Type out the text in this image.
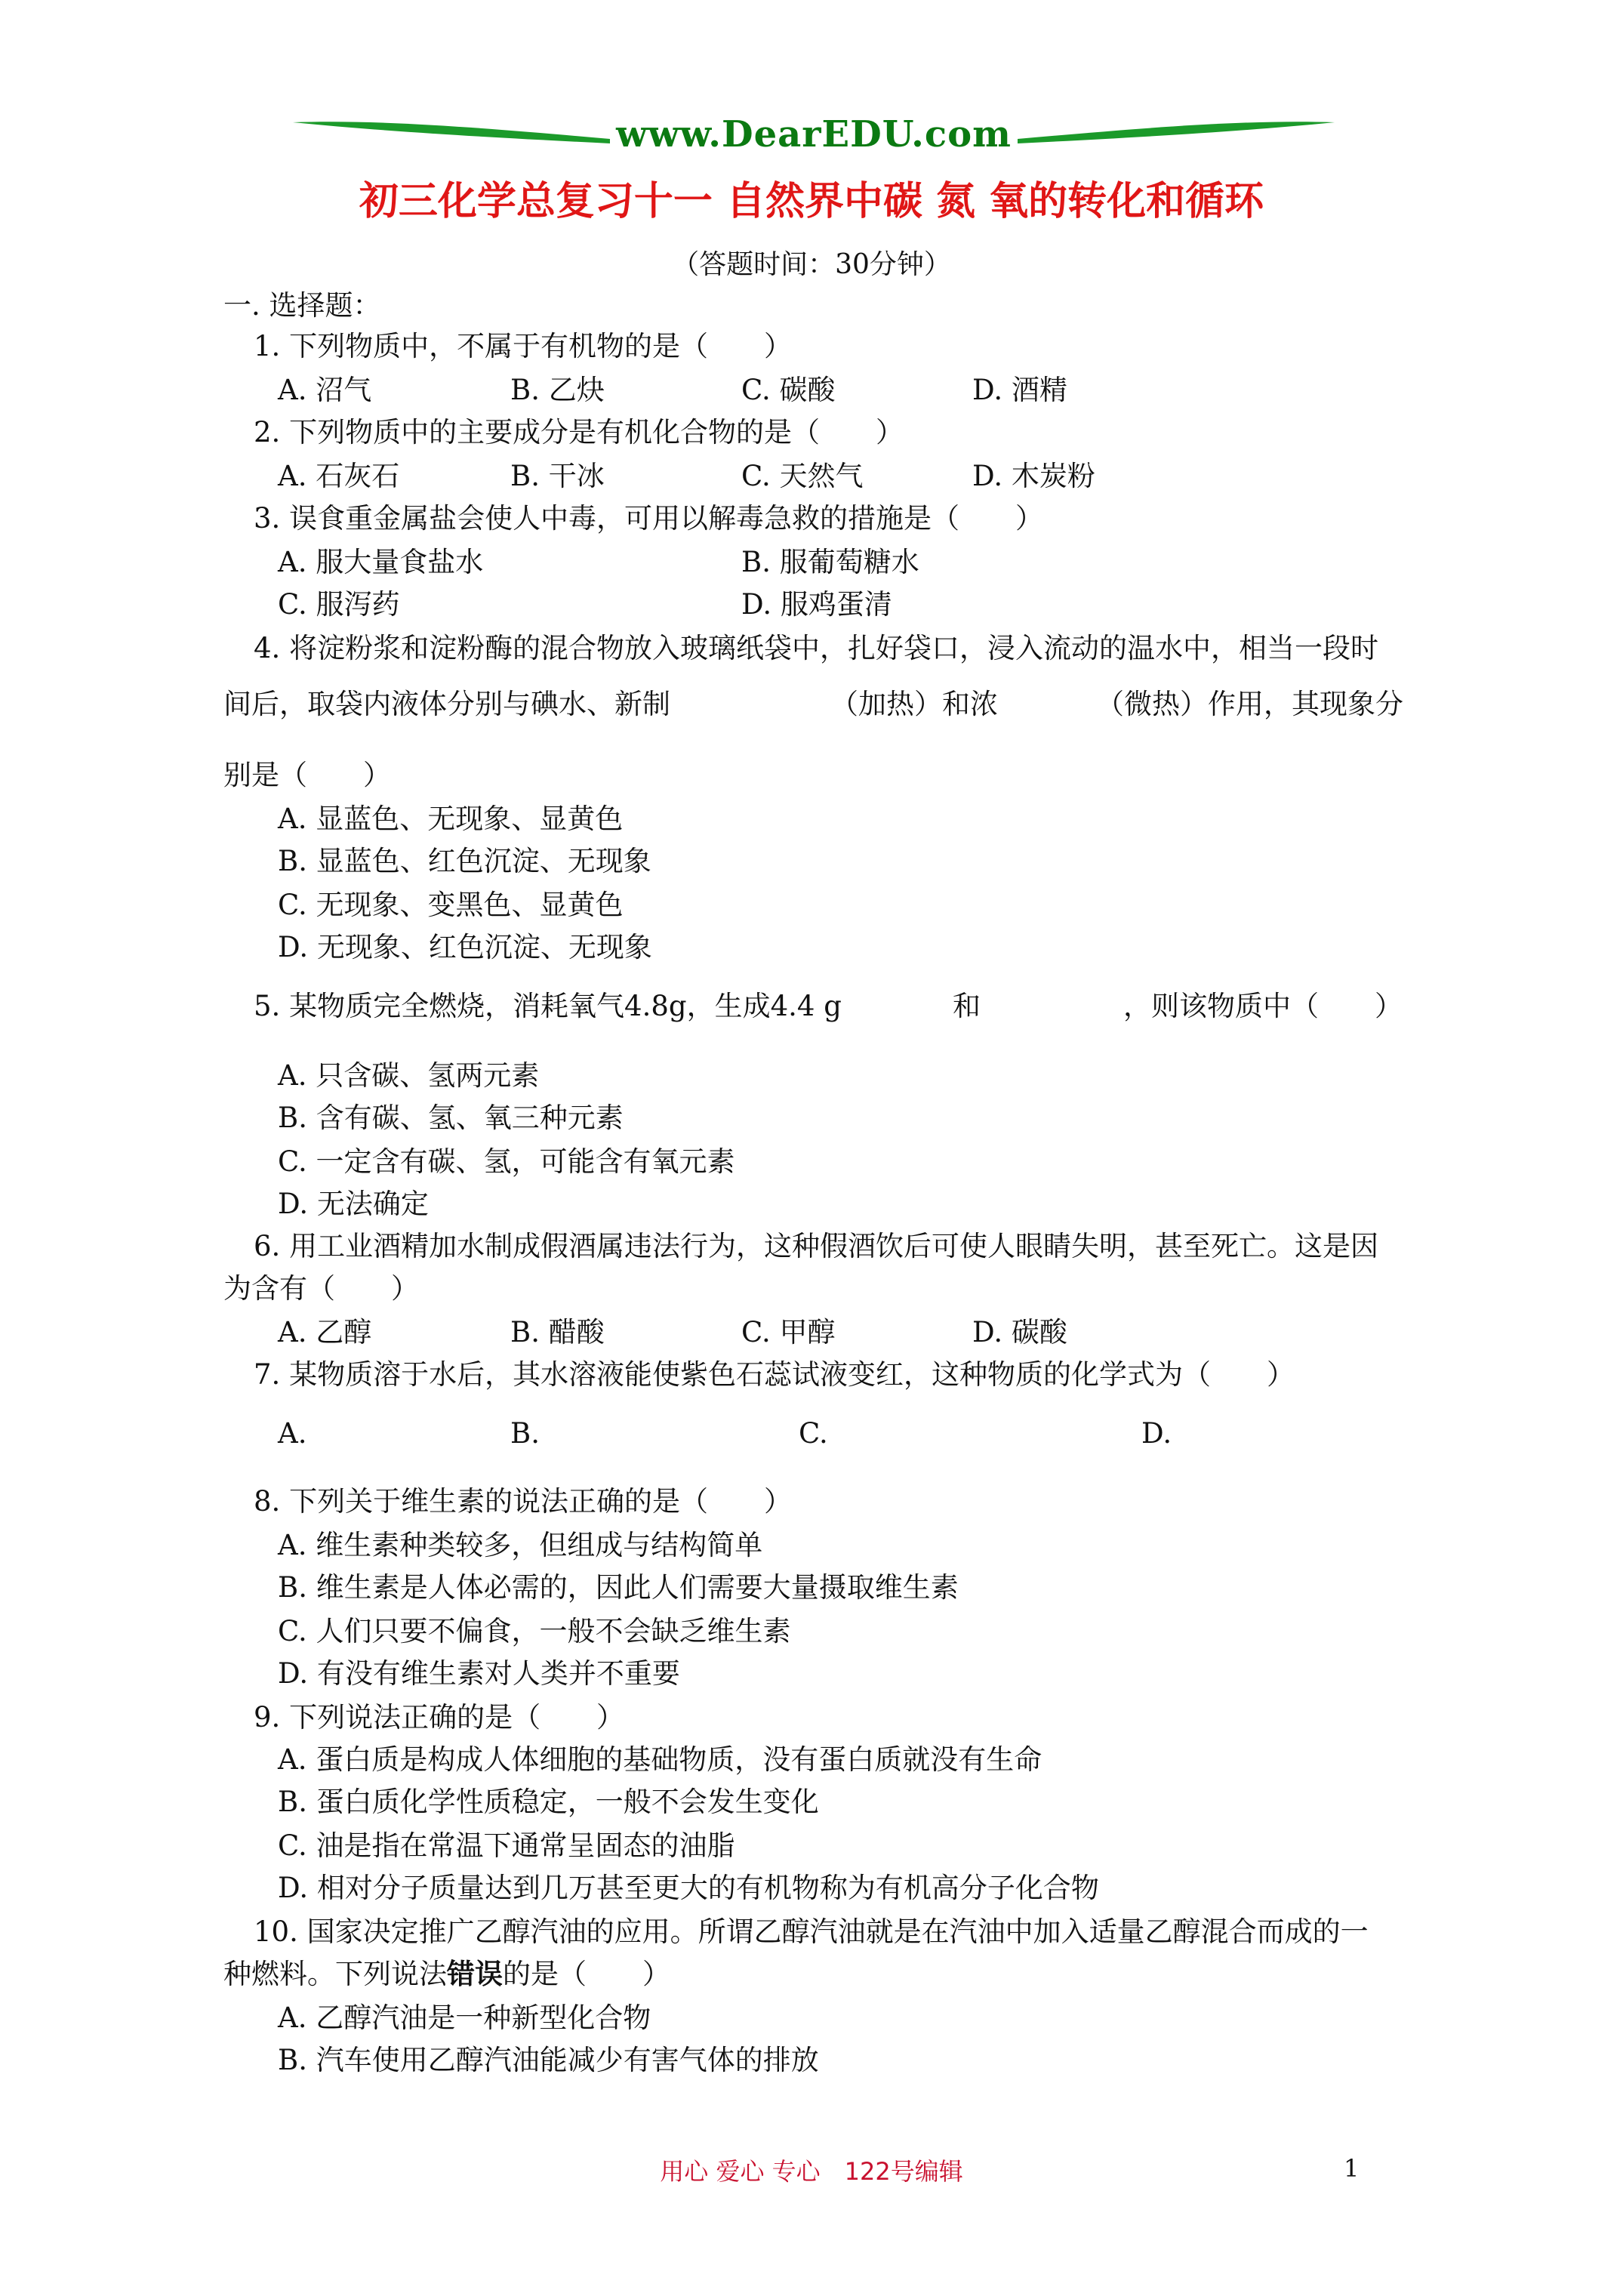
www.DearEDU.com
初三化学总复习十一 自然界中碳 氮 氧的转化和循环
（答题时间：30分钟）
一. 选择题：
1. 下列物质中，不属于有机物的是（　　）
A. 沼气	B. 乙炔	C. 碳酸	D. 酒精
2. 下列物质中的主要成分是有机化合物的是（　　）
A. 石灰石	B. 干冰	C. 天然气	D. 木炭粉
3. 误食重金属盐会使人中毒，可用以解毒急救的措施是（　　）
A. 服大量食盐水	B. 服葡萄糖水
C. 服泻药	D. 服鸡蛋清
4. 将淀粉浆和淀粉酶的混合物放入玻璃纸袋中，扎好袋口，浸入流动的温水中，相当一段时
间后，取袋内液体分别与碘水、新制	（加热）和浓	（微热）作用，其现象分
别是（　　）
A. 显蓝色、无现象、显黄色
B. 显蓝色、红色沉淀、无现象
C. 无现象、变黑色、显黄色
D. 无现象、红色沉淀、无现象
5. 某物质完全燃烧，消耗氧气4.8g，生成4.4 g	和	，则该物质中（　　）
A. 只含碳、氢两元素
B. 含有碳、氢、氧三种元素
C. 一定含有碳、氢，可能含有氧元素
D. 无法确定
6. 用工业酒精加水制成假酒属违法行为，这种假酒饮后可使人眼睛失明，甚至死亡。这是因
为含有（　　）
A. 乙醇	B. 醋酸	C. 甲醇	D. 碳酸
7. 某物质溶于水后，其水溶液能使紫色石蕊试液变红，这种物质的化学式为（　　）
A.	B.	C.	D.
8. 下列关于维生素的说法正确的是（　　）
A. 维生素种类较多，但组成与结构简单
B. 维生素是人体必需的，因此人们需要大量摄取维生素
C. 人们只要不偏食，一般不会缺乏维生素
D. 有没有维生素对人类并不重要
9. 下列说法正确的是（　　）
A. 蛋白质是构成人体细胞的基础物质，没有蛋白质就没有生命
B. 蛋白质化学性质稳定，一般不会发生变化
C. 油是指在常温下通常呈固态的油脂
D. 相对分子质量达到几万甚至更大的有机物称为有机高分子化合物
10. 国家决定推广乙醇汽油的应用。所谓乙醇汽油就是在汽油中加入适量乙醇混合而成的一
种燃料。下列说法错误的是（　　）
A. 乙醇汽油是一种新型化合物
B. 汽车使用乙醇汽油能减少有害气体的排放
用心 爱心 专心　122号编辑	1
